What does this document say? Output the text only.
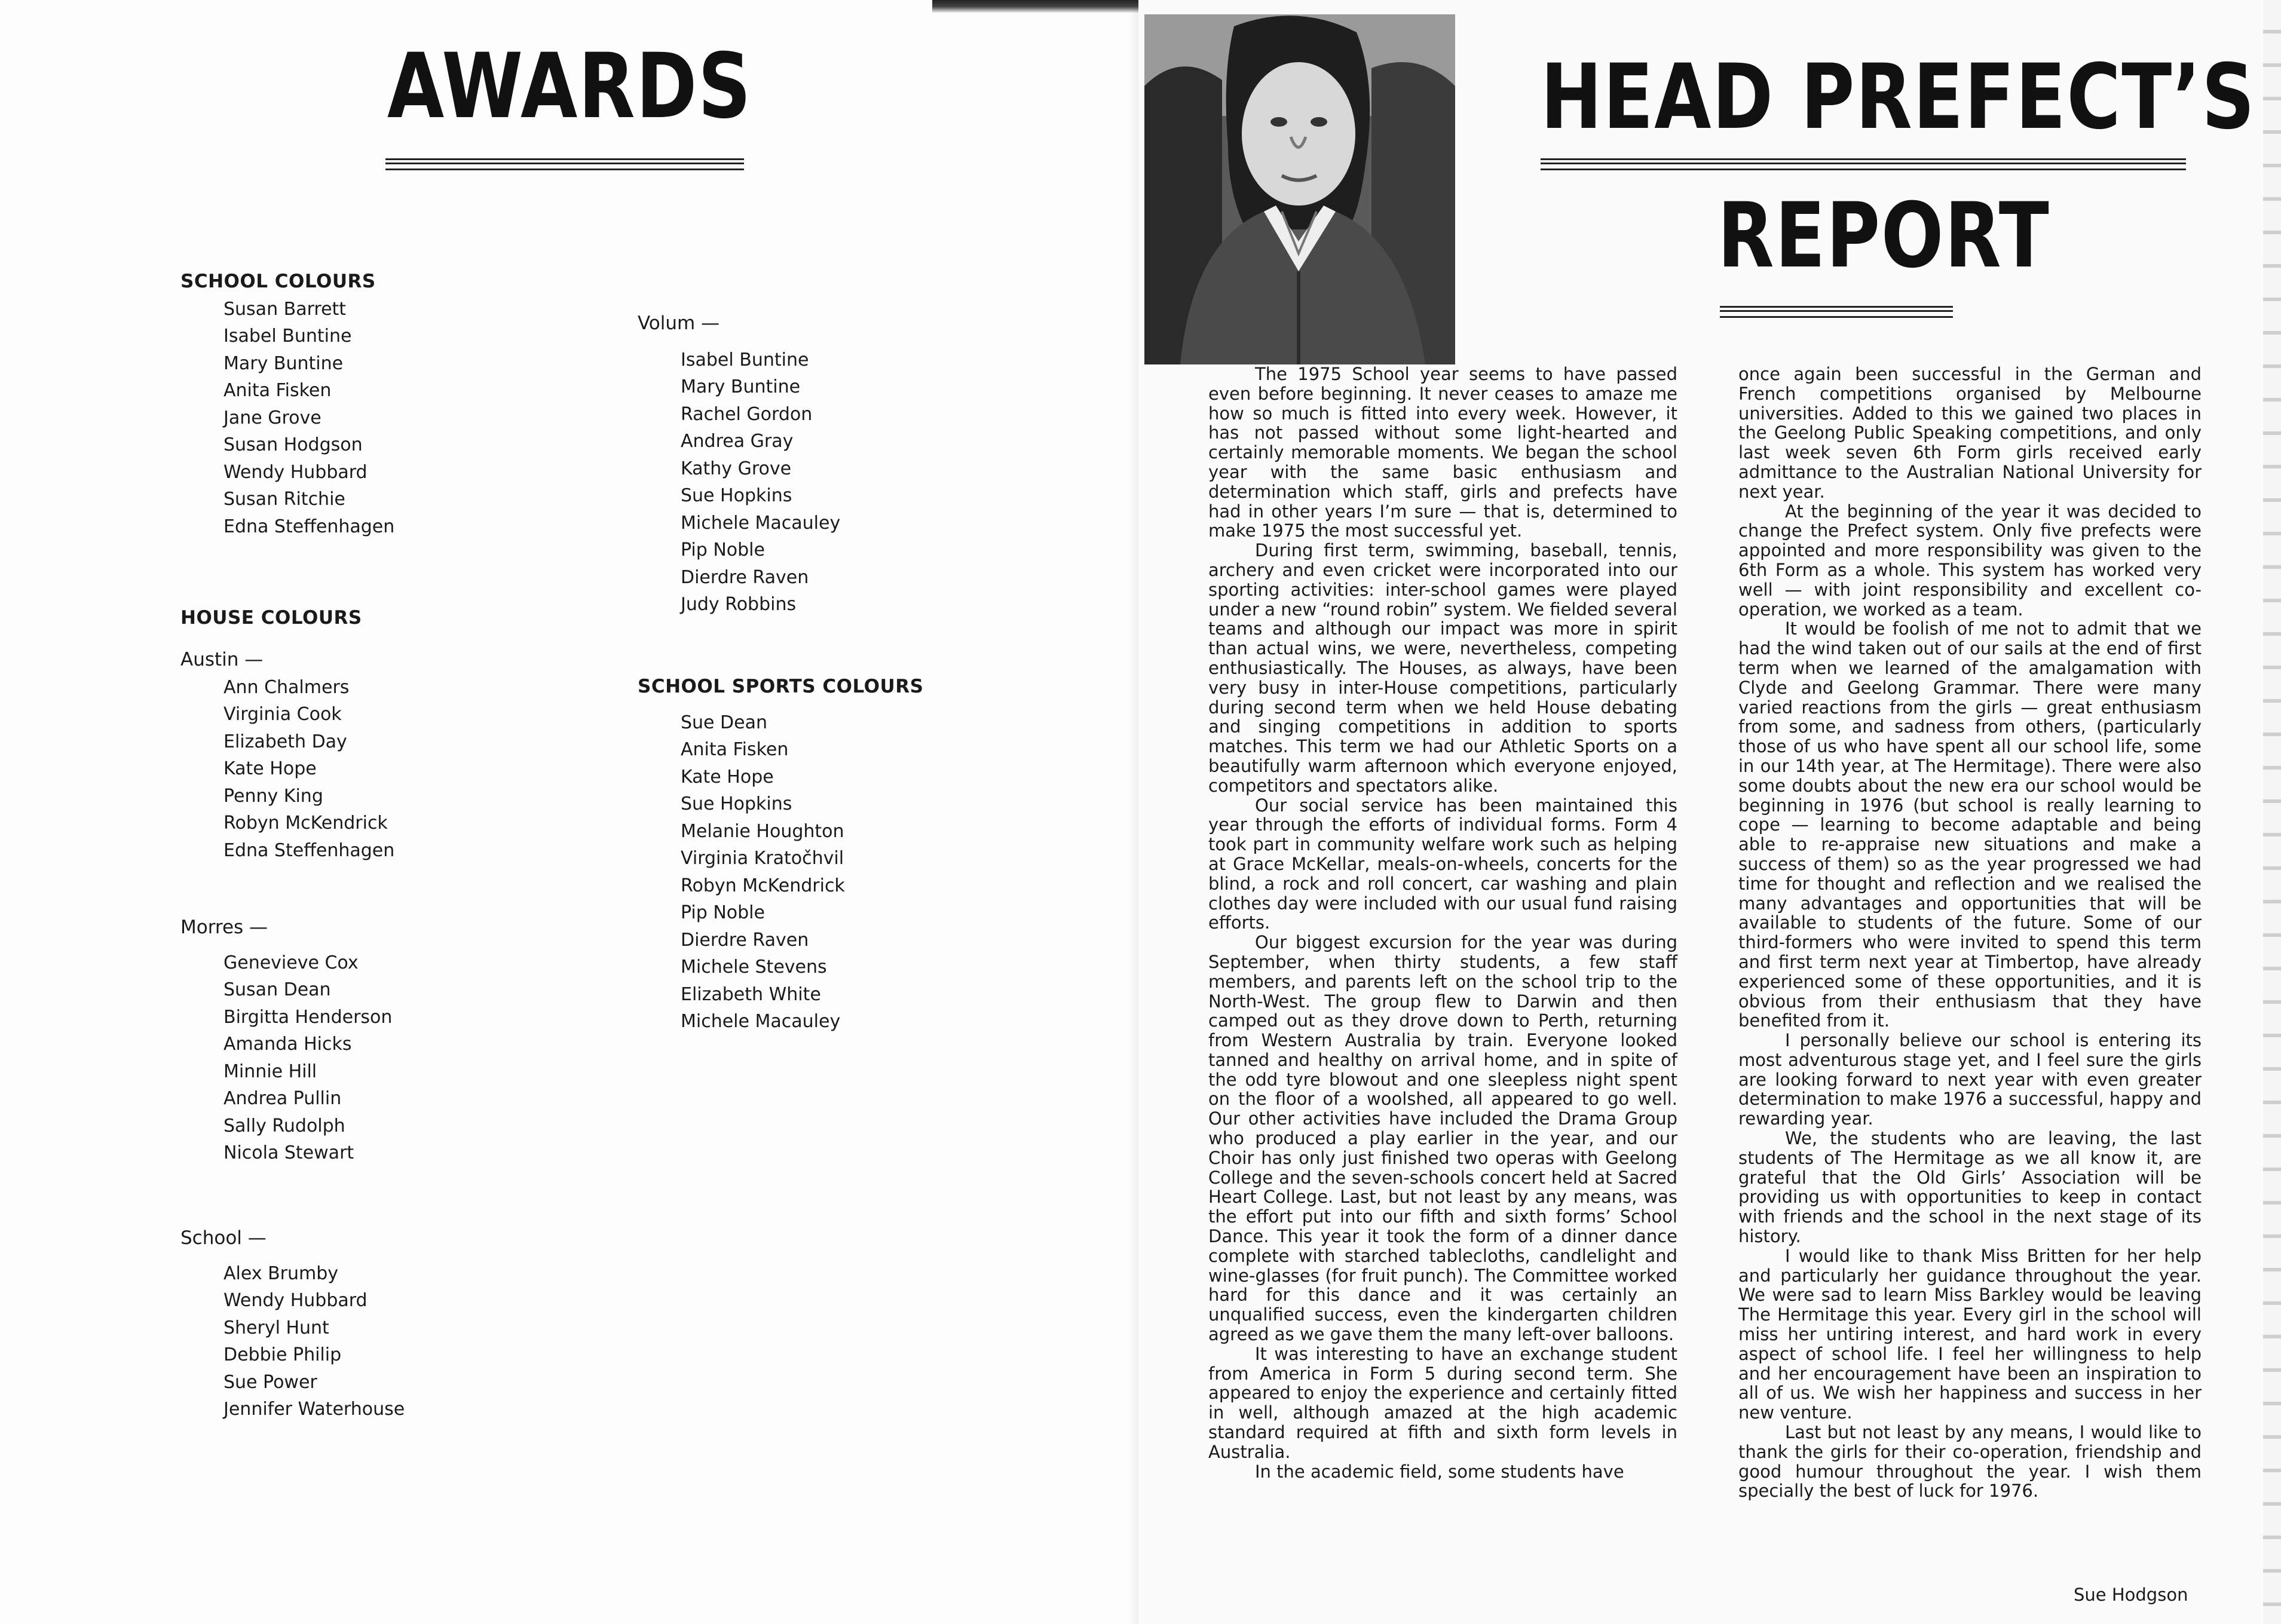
AWARDS
SCHOOL COLOURS
Susan Barrett
Isabel Buntine
Mary Buntine
Anita Fisken
Jane Grove
Susan Hodgson
Wendy Hubbard
Susan Ritchie
Edna Steffenhagen
HOUSE COLOURS
Austin —
Ann Chalmers
Virginia Cook
Elizabeth Day
Kate Hope
Penny King
Robyn McKendrick
Edna Steffenhagen
Morres —
Genevieve Cox
Susan Dean
Birgitta Henderson
Amanda Hicks
Minnie Hill
Andrea Pullin
Sally Rudolph
Nicola Stewart
School —
Alex Brumby
Wendy Hubbard
Sheryl Hunt
Debbie Philip
Sue Power
Jennifer Waterhouse
Volum —
Isabel Buntine
Mary Buntine
Rachel Gordon
Andrea Gray
Kathy Grove
Sue Hopkins
Michele Macauley
Pip Noble
Dierdre Raven
Judy Robbins
SCHOOL SPORTS COLOURS
Sue Dean
Anita Fisken
Kate Hope
Sue Hopkins
Melanie Houghton
Virginia Kratočhvil
Robyn McKendrick
Pip Noble
Dierdre Raven
Michele Stevens
Elizabeth White
Michele Macauley
HEAD PREFECT’S
REPORT

The 1975 School year seems to have passed even before beginning. It never ceases to amaze me how so much is fitted into every week. However, it has not passed without some light-hearted and certainly memorable moments. We began the school year with the same basic enthusiasm and determination which staff, girls and prefects have had in other years I’m sure — that is, determined to make 1975 the most successful yet.

During first term, swimming, baseball, tennis, archery and even cricket were incorporated into our sporting activities: inter-school games were played under a new “round robin” system. We fielded several teams and although our impact was more in spirit than actual wins, we were, nevertheless, competing enthusiastically. The Houses, as always, have been very busy in inter-House competitions, particularly during second term when we held House debating and singing competitions in addition to sports matches. This term we had our Athletic Sports on a beautifully warm afternoon which everyone enjoyed, competitors and spectators alike.

Our social service has been maintained this year through the efforts of individual forms. Form 4 took part in community welfare work such as helping at Grace McKellar, meals-on-wheels, concerts for the blind, a rock and roll concert, car washing and plain clothes day were included with our usual fund raising efforts.

Our biggest excursion for the year was during September, when thirty students, a few staff members, and parents left on the school trip to the North-West. The group flew to Darwin and then camped out as they drove down to Perth, returning from Western Australia by train. Everyone looked tanned and healthy on arrival home, and in spite of the odd tyre blowout and one sleepless night spent on the floor of a woolshed, all appeared to go well. Our other activities have included the Drama Group who produced a play earlier in the year, and our Choir has only just finished two operas with Geelong College and the seven-schools concert held at Sacred Heart College. Last, but not least by any means, was the effort put into our fifth and sixth forms’ School Dance. This year it took the form of a dinner dance complete with starched tablecloths, candlelight and wine-glasses (for fruit punch). The Committee worked hard for this dance and it was certainly an unqualified success, even the kindergarten children agreed as we gave them the many left-over balloons.

It was interesting to have an exchange student from America in Form 5 during second term. She appeared to enjoy the experience and certainly fitted in well, although amazed at the high academic standard required at fifth and sixth form levels in Australia.

In the academic field, some students have

once again been successful in the German and French competitions organised by Melbourne universities. Added to this we gained two places in the Geelong Public Speaking competitions, and only last week seven 6th Form girls received early admittance to the Australian National University for next year.

At the beginning of the year it was decided to change the Prefect system. Only five prefects were appointed and more responsibility was given to the 6th Form as a whole. This system has worked very well — with joint responsibility and excellent co-operation, we worked as a team.

It would be foolish of me not to admit that we had the wind taken out of our sails at the end of first term when we learned of the amalgamation with Clyde and Geelong Grammar. There were many varied reactions from the girls — great enthusiasm from some, and sadness from others, (particularly those of us who have spent all our school life, some in our 14th year, at The Hermitage). There were also some doubts about the new era our school would be beginning in 1976 (but school is really learning to cope — learning to become adaptable and being able to re-appraise new situations and make a success of them) so as the year progressed we had time for thought and reflection and we realised the many advantages and opportunities that will be available to students of the future. Some of our third-formers who were invited to spend this term and first term next year at Timbertop, have already experienced some of these opportunities, and it is obvious from their enthusiasm that they have benefited from it.

I personally believe our school is entering its most adventurous stage yet, and I feel sure the girls are looking forward to next year with even greater determination to make 1976 a successful, happy and rewarding year.

We, the students who are leaving, the last students of The Hermitage as we all know it, are grateful that the Old Girls’ Association will be providing us with opportunities to keep in contact with friends and the school in the next stage of its history.

I would like to thank Miss Britten for her help and particularly her guidance throughout the year. We were sad to learn Miss Barkley would be leaving The Hermitage this year. Every girl in the school will miss her untiring interest, and hard work in every aspect of school life. I feel her willingness to help and her encouragement have been an inspiration to all of us. We wish her happiness and success in her new venture.

Last but not least by any means, I would like to thank the girls for their co-operation, friendship and good humour throughout the year. I wish them specially the best of luck for 1976.

Sue Hodgson
